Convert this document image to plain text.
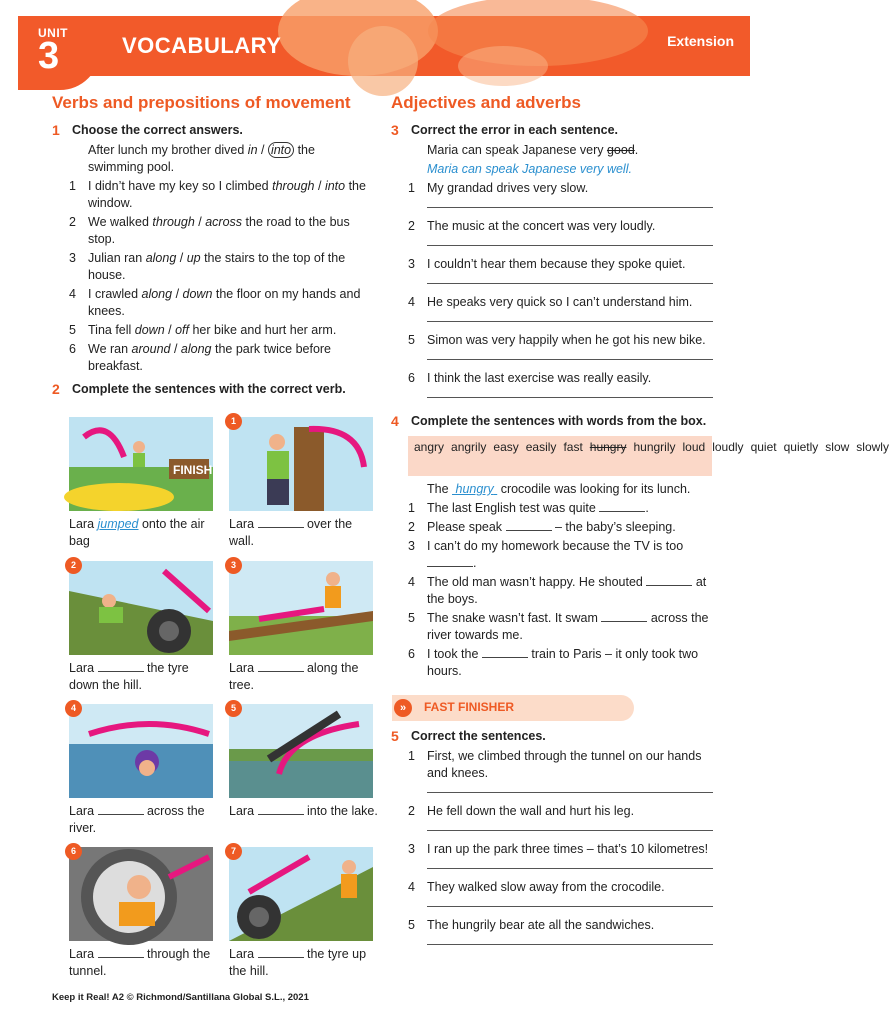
UNIT
3	VOCABULARY	Extension
Verbs and prepositions of movement Adjectives and adverbs
1 Choose the correct answers.
After lunch my brother dived in / into the swimming pool.
1 I didn’t have my key so I climbed through / into the window.
2 We walked through / across the road to the bus stop.
3 Julian ran along / up the stairs to the top of the house.
4 I crawled along / down the floor on my hands and knees.
5 Tina fell down / off her bike and hurt her arm.
6 We ran around / along the park twice before breakfast.
2 Complete the sentences with the correct verb.
FINISH
1
2	3
4	5
6	7
Lara jumped onto the air bag
Lara	over the wall.
Lara	the tyre down the hill.
Lara	along the tree.
Lara	across the river.
Lara	into the lake.
Lara	through the tunnel.
Lara	the tyre up the hill.
3 Correct the error in each sentence.
Maria can speak Japanese very good.
Maria can speak Japanese very well.
1 My grandad drives very slow.
2 The music at the concert was very loudly.
3 I couldn’t hear them because they spoke quiet.
4 He speaks very quick so I can’t understand him.
5 Simon was very happily when he got his new bike.
6 I think the last exercise was really easily.
4 Complete the sentences with words from the box.
angry angrily easy easily fast hungry hungrily loud loudly quiet quietly slow slowly
The  hungry  crocodile was looking for its lunch.
1 The last English test was quite	.
2 Please speak	– the baby’s sleeping.
3 I can’t do my homework because the TV is too .
4 The old man wasn’t happy. He shouted	at the boys.
5 The snake wasn’t fast. It swam	across the river towards me.
6 I took the	train to Paris – it only took two hours.
»	FAST FINISHER
5 Correct the sentences.
1 First, we climbed through the tunnel on our hands and knees.
2 He fell down the wall and hurt his leg.
3 I ran up the park three times – that’s 10 kilometres!
4 They walked slow away from the crocodile.
5 The hungrily bear ate all the sandwiches.
Keep it Real! A2 © Richmond/Santillana Global S.L., 2021
